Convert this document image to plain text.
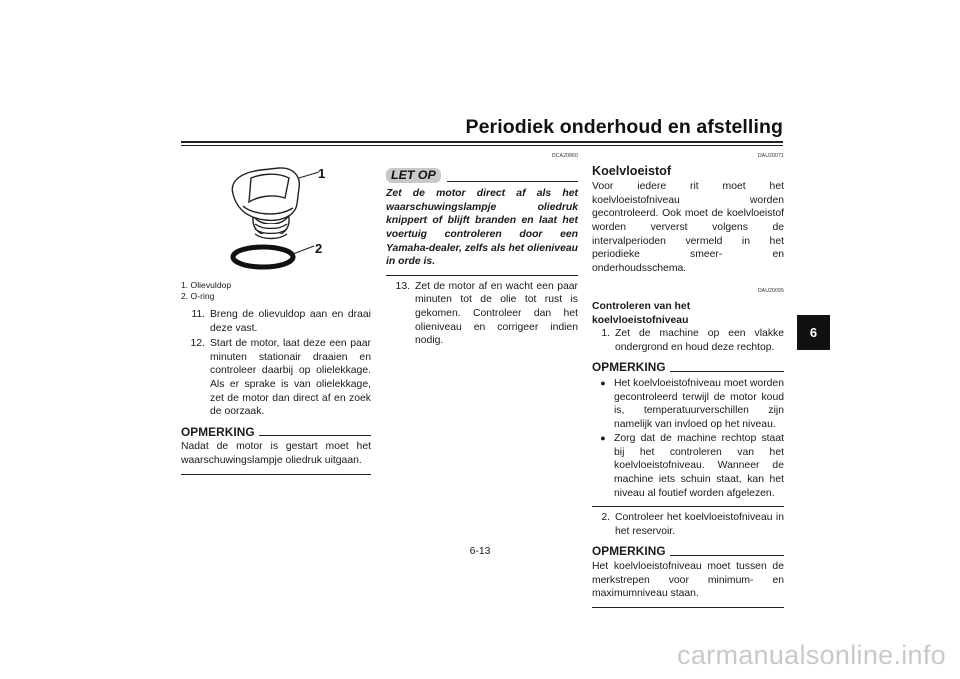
Periodiek onderhoud en afstelling
6
1
2
1. Olievuldop
2. O-ring
11. Breng de olievuldop aan en draai deze vast.
12. Start de motor, laat deze een paar minuten stationair draaien en controleer daarbij op olielekkage. Als er sprake is van olielekkage, zet de motor dan direct af en zoek de oorzaak.
OPMERKING
Nadat de motor is gestart moet het waarschuwingslampje oliedruk uitgaan.
DCA20860
LET OP
Zet de motor direct af als het waarschuwingslampje oliedruk knippert of blijft branden en laat het voertuig controleren door een Yamaha-dealer, zelfs als het olieniveau in orde is.
13. Zet de motor af en wacht een paar minuten tot de olie tot rust is gekomen. Controleer dan het olieniveau en corrigeer indien nodig.
DAU20071
Koelvloeistof
Voor iedere rit moet het koelvloeistofniveau worden gecontroleerd. Ook moet de koelvloeistof worden ververst volgens de intervalperioden vermeld in het periodieke smeer- en onderhoudsschema.
DAU20095
Controleren van het koelvloeistofniveau
1. Zet de machine op een vlakke ondergrond en houd deze rechtop.
OPMERKING
● Het koelvloeistofniveau moet worden gecontroleerd terwijl de motor koud is, temperatuurverschillen zijn namelijk van invloed op het niveau.
● Zorg dat de machine rechtop staat bij het controleren van het koelvloeistofniveau. Wanneer de machine iets schuin staat, kan het niveau al foutief worden afgelezen.
2. Controleer het koelvloeistofniveau in het reservoir.
OPMERKING
Het koelvloeistofniveau moet tussen de merkstrepen voor minimum- en maximumniveau staan.
6-13
carmanualsonline.info
